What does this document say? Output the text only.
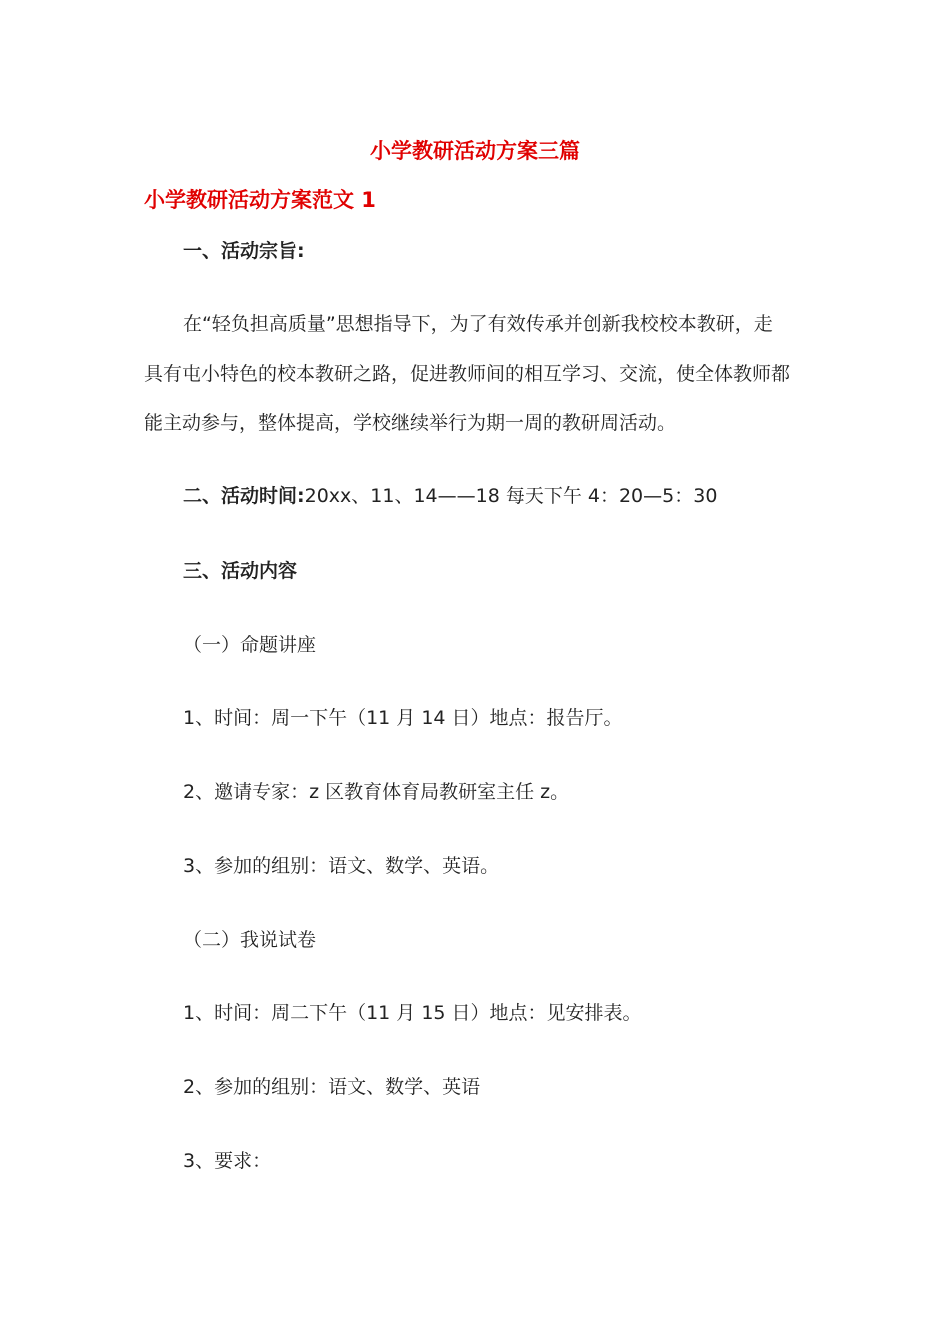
小学教研活动方案三篇
小学教研活动方案范文 1
一、活动宗旨:
在“轻负担高质量”思想指导下，为了有效传承并创新我校校本教研，走
具有屯小特色的校本教研之路，促进教师间的相互学习、交流，使全体教师都
能主动参与，整体提高，学校继续举行为期一周的教研周活动。
二、活动时间:20xx、11、14——18 每天下午 4：20—5：30
三、活动内容
（一）命题讲座
1、时间：周一下午（11 月 14 日）地点：报告厅。
2、邀请专家：z 区教育体育局教研室主任 z。
3、参加的组别：语文、数学、英语。
（二）我说试卷
1、时间：周二下午（11 月 15 日）地点：见安排表。
2、参加的组别：语文、数学、英语
3、要求：
